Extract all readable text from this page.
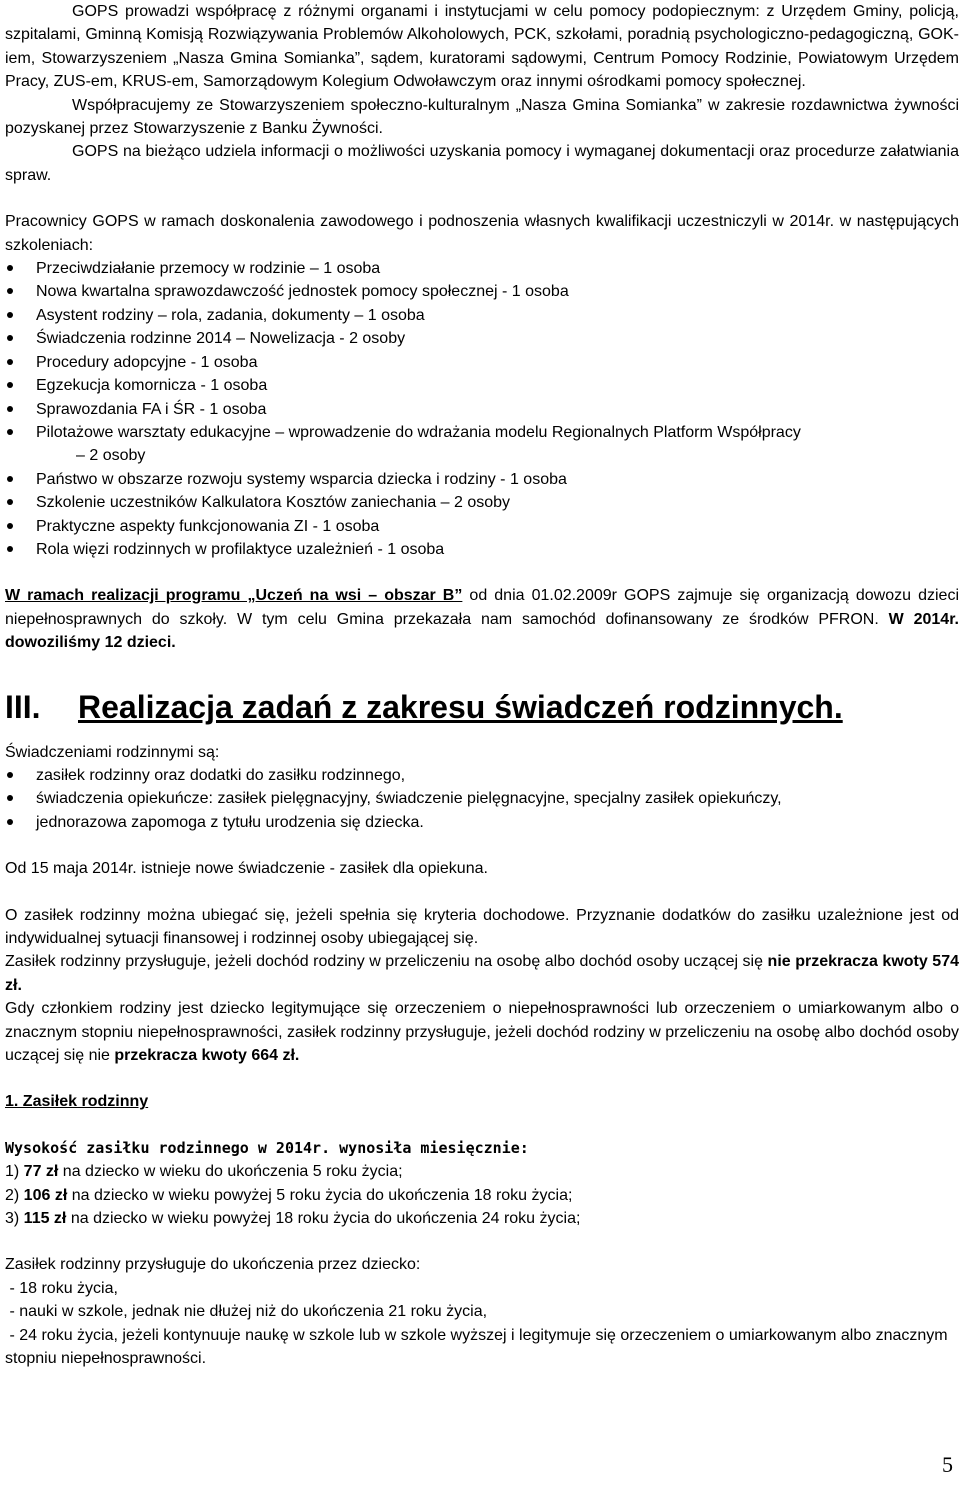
GOPS prowadzi współpracę z różnymi organami i instytucjami w celu pomocy podopiecznym: z Urzędem Gminy, policją, szpitalami, Gminną Komisją Rozwiązywania Problemów Alkoholowych, PCK, szkołami, poradnią psychologiczno-pedagogiczną, GOK-iem, Stowarzyszeniem „Nasza Gmina Somianka”, sądem, kuratorami sądowymi, Centrum Pomocy Rodzinie, Powiatowym Urzędem Pracy, ZUS-em, KRUS-em, Samorządowym Kolegium Odwoławczym oraz innymi ośrodkami pomocy społecznej.

Współpracujemy ze Stowarzyszeniem społeczno-kulturalnym „Nasza Gmina Somianka” w zakresie rozdawnictwa żywności pozyskanej przez Stowarzyszenie z Banku Żywności.

GOPS na bieżąco udziela informacji o możliwości uzyskania pomocy i wymaganej dokumentacji oraz procedurze załatwiania spraw.

Pracownicy GOPS w ramach doskonalenia zawodowego i podnoszenia własnych kwalifikacji uczestniczyli w 2014r. w następujących szkoleniach:

Przeciwdziałanie przemocy w rodzinie – 1 osoba
Nowa kwartalna sprawozdawczość jednostek pomocy społecznej - 1 osoba
Asystent rodziny – rola, zadania, dokumenty – 1 osoba
Świadczenia rodzinne 2014 – Nowelizacja - 2 osoby
Procedury adopcyjne - 1 osoba
Egzekucja komornicza - 1 osoba
Sprawozdania FA i ŚR - 1 osoba
Pilotażowe warsztaty edukacyjne – wprowadzenie do wdrażania modelu Regionalnych Platform Współpracy
– 2 osoby
Państwo w obszarze rozwoju systemy wsparcia dziecka i rodziny - 1 osoba
Szkolenie uczestników Kalkulatora Kosztów zaniechania – 2 osoby
Praktyczne aspekty funkcjonowania ZI - 1 osoba
Rola więzi rodzinnych w profilaktyce uzależnień - 1 osoba

W ramach realizacji programu „Uczeń na wsi – obszar B” od dnia 01.02.2009r GOPS zajmuje się organizacją dowozu dzieci niepełnosprawnych do szkoły. W tym celu Gmina przekazała nam samochód dofinansowany ze środków PFRON. W 2014r. dowoziliśmy 12 dzieci.

III.	Realizacja zadań z zakresu świadczeń rodzinnych.

Świadczeniami rodzinnymi są:

zasiłek rodzinny oraz dodatki do zasiłku rodzinnego,
świadczenia opiekuńcze: zasiłek pielęgnacyjny, świadczenie pielęgnacyjne, specjalny zasiłek opiekuńczy,
jednorazowa zapomoga z tytułu urodzenia się dziecka.

Od 15 maja 2014r. istnieje nowe świadczenie - zasiłek dla opiekuna.

O zasiłek rodzinny można ubiegać się, jeżeli spełnia się kryteria dochodowe. Przyznanie dodatków do zasiłku uzależnione jest od indywidualnej sytuacji finansowej i rodzinnej osoby ubiegającej się.

Zasiłek rodzinny przysługuje, jeżeli dochód rodziny w przeliczeniu na osobę albo dochód osoby uczącej się nie przekracza kwoty 574 zł.

Gdy członkiem rodziny jest dziecko legitymujące się orzeczeniem o niepełnosprawności lub orzeczeniem o umiarkowanym albo o znacznym stopniu niepełnosprawności, zasiłek rodzinny przysługuje, jeżeli dochód rodziny w przeliczeniu na osobę albo dochód osoby uczącej się nie przekracza kwoty 664 zł.

1. Zasiłek rodzinny

Wysokość zasiłku rodzinnego w 2014r. wynosiła miesięcznie:

1) 77 zł na dziecko w wieku do ukończenia 5 roku życia;

2) 106 zł na dziecko w wieku powyżej 5 roku życia do ukończenia 18 roku życia;

3) 115 zł na dziecko w wieku powyżej 18 roku życia do ukończenia 24 roku życia;

Zasiłek rodzinny przysługuje do ukończenia przez dziecko:

- 18 roku życia,

- nauki w szkole, jednak nie dłużej niż do ukończenia 21 roku życia,

- 24 roku życia, jeżeli kontynuuje naukę w szkole lub w szkole wyższej i legitymuje się orzeczeniem o umiarkowanym albo znacznym stopniu niepełnosprawności.

5
